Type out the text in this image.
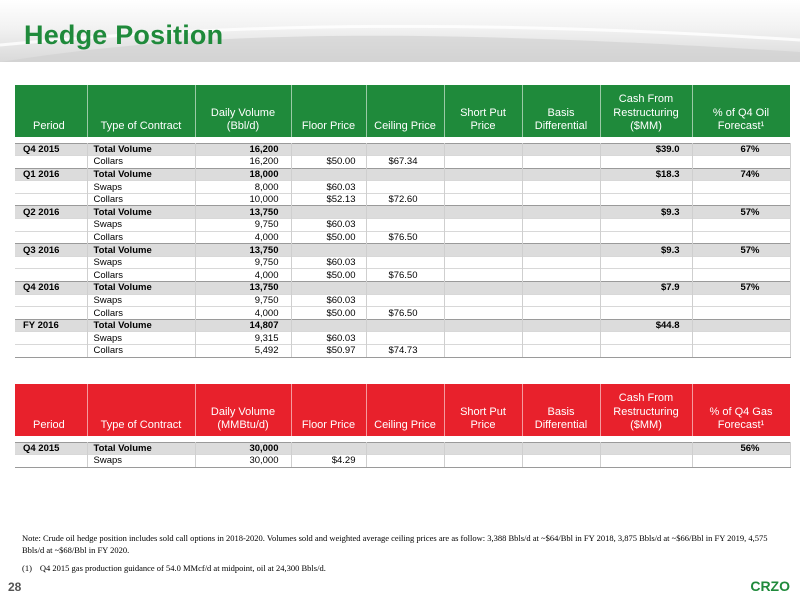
Hedge Position
Period	Type of Contract	Daily Volume (Bbl/d)	Floor Price	Ceiling Price	Short Put Price	Basis Differential	Cash From Restructuring ($MM)	% of Q4 Oil Forecast¹

Q4 2015	Total Volume	16,200					$39.0	67%
	Collars	16,200	$50.00	$67.34				
Q1 2016	Total Volume	18,000					$18.3	74%
	Swaps	8,000	$60.03					
	Collars	10,000	$52.13	$72.60				
Q2 2016	Total Volume	13,750					$9.3	57%
	Swaps	9,750	$60.03					
	Collars	4,000	$50.00	$76.50				
Q3 2016	Total Volume	13,750					$9.3	57%
	Swaps	9,750	$60.03					
	Collars	4,000	$50.00	$76.50				
Q4 2016	Total Volume	13,750					$7.9	57%
	Swaps	9,750	$60.03					
	Collars	4,000	$50.00	$76.50				
FY 2016	Total Volume	14,807					$44.8	
	Swaps	9,315	$60.03					
	Collars	5,492	$50.97	$74.73				
Period	Type of Contract	Daily Volume (MMBtu/d)	Floor Price	Ceiling Price	Short Put Price	Basis Differential	Cash From Restructuring ($MM)	% of Q4 Gas Forecast¹

Q4 2015	Total Volume	30,000						56%
	Swaps	30,000	$4.29					
Note: Crude oil hedge position includes sold call options in 2018-2020. Volumes sold and weighted average ceiling prices are as follow: 3,388 Bbls/d at ~$64/Bbl in FY 2018, 3,875 Bbls/d at ~$66/Bbl in FY 2019, 4,575 Bbls/d at ~$68/Bbl in FY 2020.
(1) Q4 2015 gas production guidance of 54.0 MMcf/d at midpoint, oil at 24,300 Bbls/d.
28	CRZO
